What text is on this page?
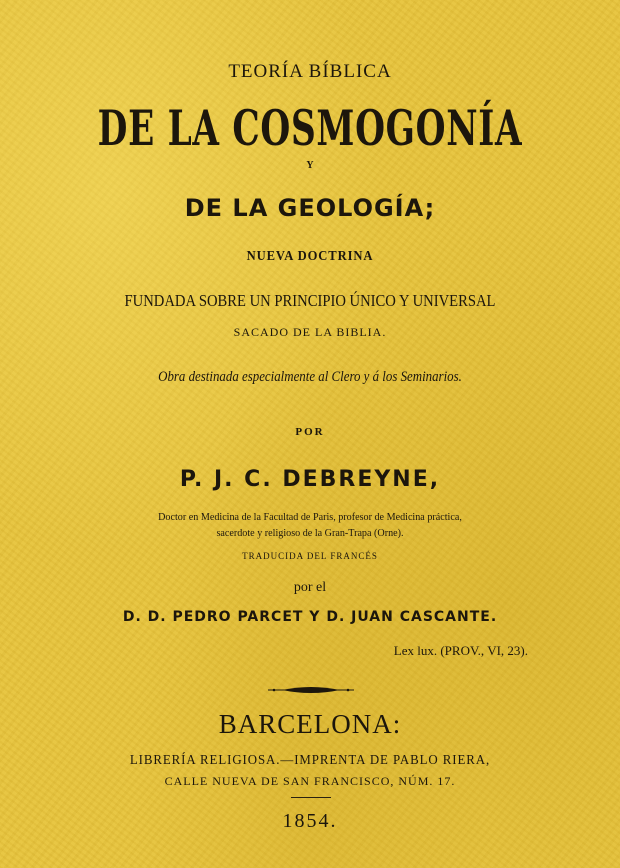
TEORÍA BÍBLICA
DE LA COSMOGONÍA
Y
DE LA GEOLOGÍA;
NUEVA DOCTRINA
FUNDADA SOBRE UN PRINCIPIO ÚNICO Y UNIVERSAL
SACADO DE LA BIBLIA.
Obra destinada especialmente al Clero y á los Seminarios.
POR
P. J. C. DEBREYNE,
Doctor en Medicina de la Facultad de Paris, profesor de Medicina práctica,
sacerdote y religioso de la Gran-Trapa (Orne).
TRADUCIDA DEL FRANCÉS
por el
D. D. PEDRO PARCET Y D. JUAN CASCANTE.
Lex lux. (PROV., VI, 23).
BARCELONA:
LIBRERÍA RELIGIOSA.—IMPRENTA DE PABLO RIERA,
CALLE NUEVA DE SAN FRANCISCO, NÚM. 17.
1854.
